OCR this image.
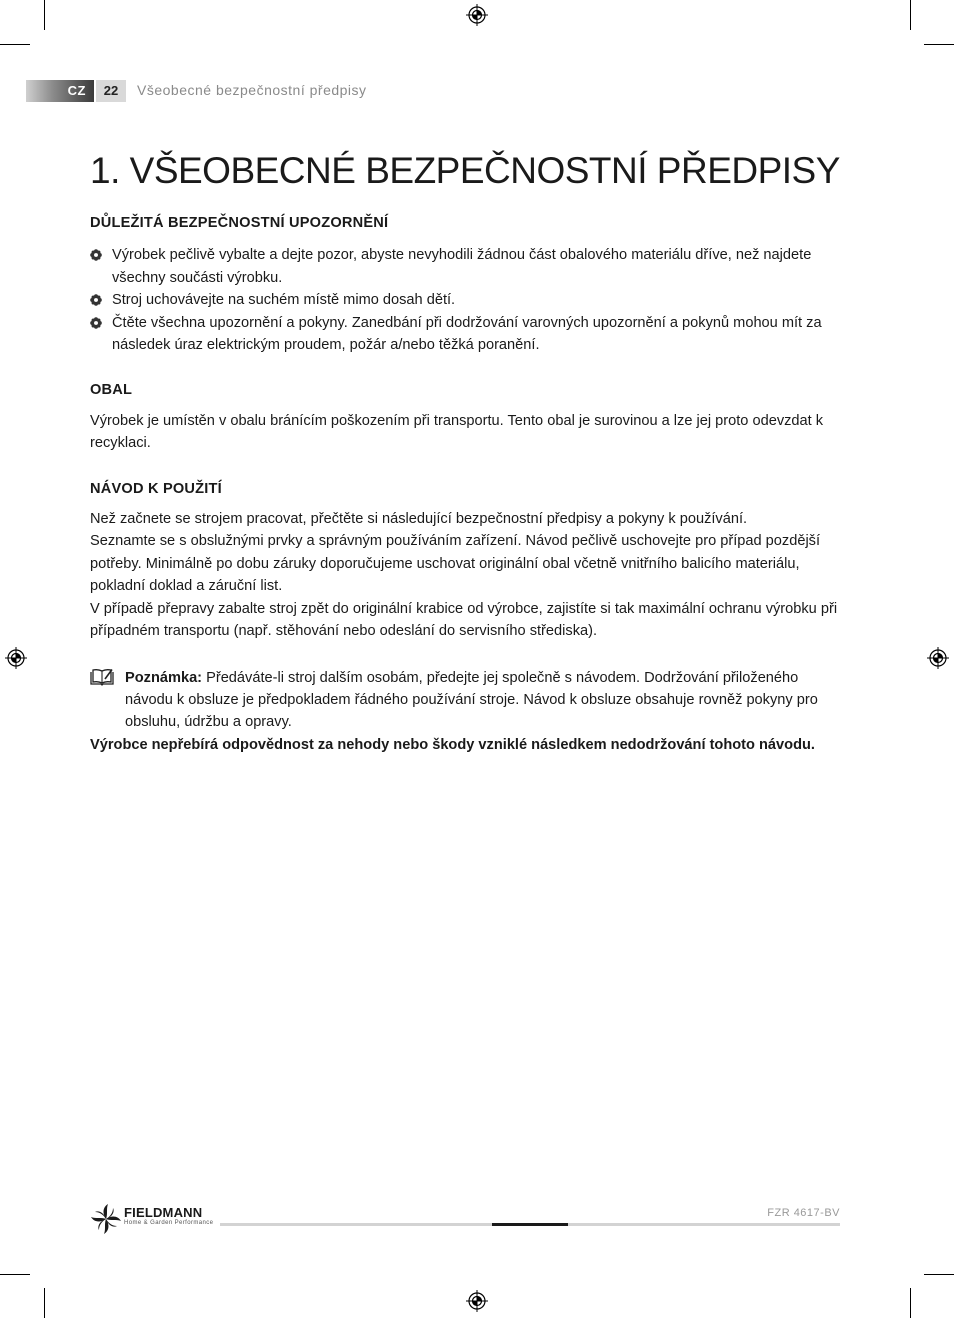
CZ	22	Všeobecné bezpečnostní předpisy
1. VŠEOBECNÉ BEZPEČNOSTNÍ PŘEDPISY
DŮLEŽITÁ BEZPEČNOSTNÍ UPOZORNĚNÍ
Výrobek pečlivě vybalte a dejte pozor, abyste nevyhodili žádnou část obalového materiálu dříve, než najdete všechny součásti výrobku.
Stroj uchovávejte na suchém místě mimo dosah dětí.
Čtěte všechna upozornění a pokyny. Zanedbání při dodržování varovných upozornění a pokynů mohou mít za následek úraz elektrickým proudem, požár a/nebo těžká poranění.
OBAL

Výrobek je umístěn v obalu bránícím poškozením při transportu. Tento obal je surovinou a lze jej proto odevzdat k recyklaci.

NÁVOD K POUŽITÍ

Než začnete se strojem pracovat, přečtěte si následující bezpečnostní předpisy a pokyny k používání.
Seznamte se s obslužnými prvky a správným používáním zařízení. Návod pečlivě uschovejte pro případ pozdější potřeby. Minimálně po dobu záruky doporučujeme uschovat originální obal včetně vnitřního balicího materiálu, pokladní doklad a záruční list.
V případě přepravy zabalte stroj zpět do originální krabice od výrobce, zajistíte si tak maximální ochranu výrobku při případném transportu (např. stěhování nebo odeslání do servisního střediska).

Poznámka: Předáváte-li stroj dalším osobám, předejte jej společně s návodem. Dodržování přiloženého návodu k obsluze je předpokladem řádného používání stroje. Návod k obsluze obsahuje rovněž pokyny pro obsluhu, údržbu a opravy.

Výrobce nepřebírá odpovědnost za nehody nebo škody vzniklé následkem nedodržování tohoto návodu.

FIELDMANN
Home & Garden Performance
FZR 4617-BV
